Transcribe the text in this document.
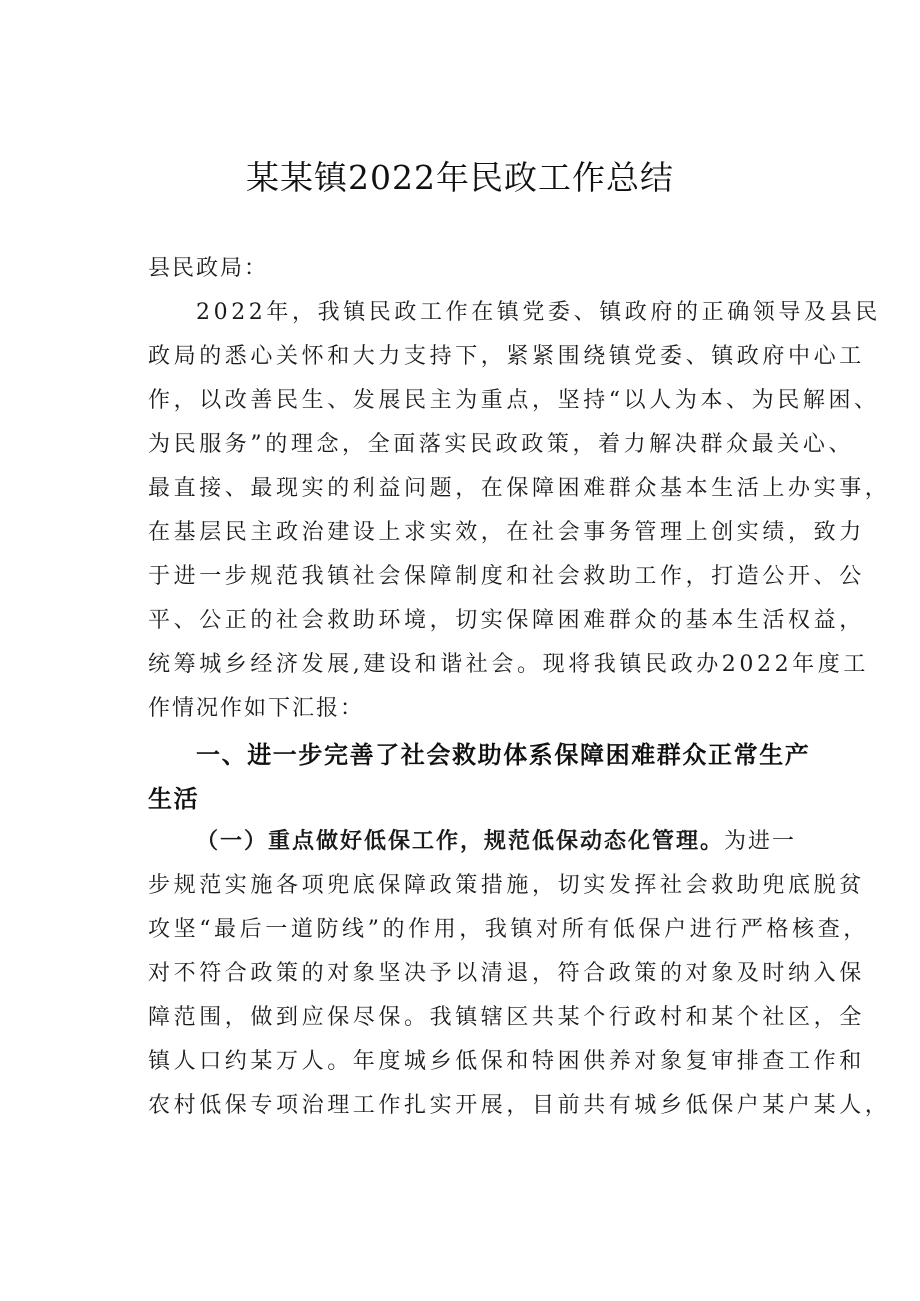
某某镇2022年民政工作总结
县民政局：
2022年，我镇民政工作在镇党委、镇政府的正确领导及县民
政局的悉心关怀和大力支持下，紧紧围绕镇党委、镇政府中心工
作，以改善民生、发展民主为重点，坚持“以人为本、为民解困、
为民服务”的理念，全面落实民政政策，着力解决群众最关心、
最直接、最现实的利益问题，在保障困难群众基本生活上办实事，
在基层民主政治建设上求实效，在社会事务管理上创实绩，致力
于进一步规范我镇社会保障制度和社会救助工作，打造公开、公
平、公正的社会救助环境，切实保障困难群众的基本生活权益，
统筹城乡经济发展,建设和谐社会。现将我镇民政办2022年度工
作情况作如下汇报：
一、进一步完善了社会救助体系保障困难群众正常生产
生活
（一）重点做好低保工作，规范低保动态化管理。为进一
步规范实施各项兜底保障政策措施，切实发挥社会救助兜底脱贫
攻坚“最后一道防线”的作用，我镇对所有低保户进行严格核查，
对不符合政策的对象坚决予以清退，符合政策的对象及时纳入保
障范围，做到应保尽保。我镇辖区共某个行政村和某个社区，全
镇人口约某万人。年度城乡低保和特困供养对象复审排查工作和
农村低保专项治理工作扎实开展，目前共有城乡低保户某户某人，
